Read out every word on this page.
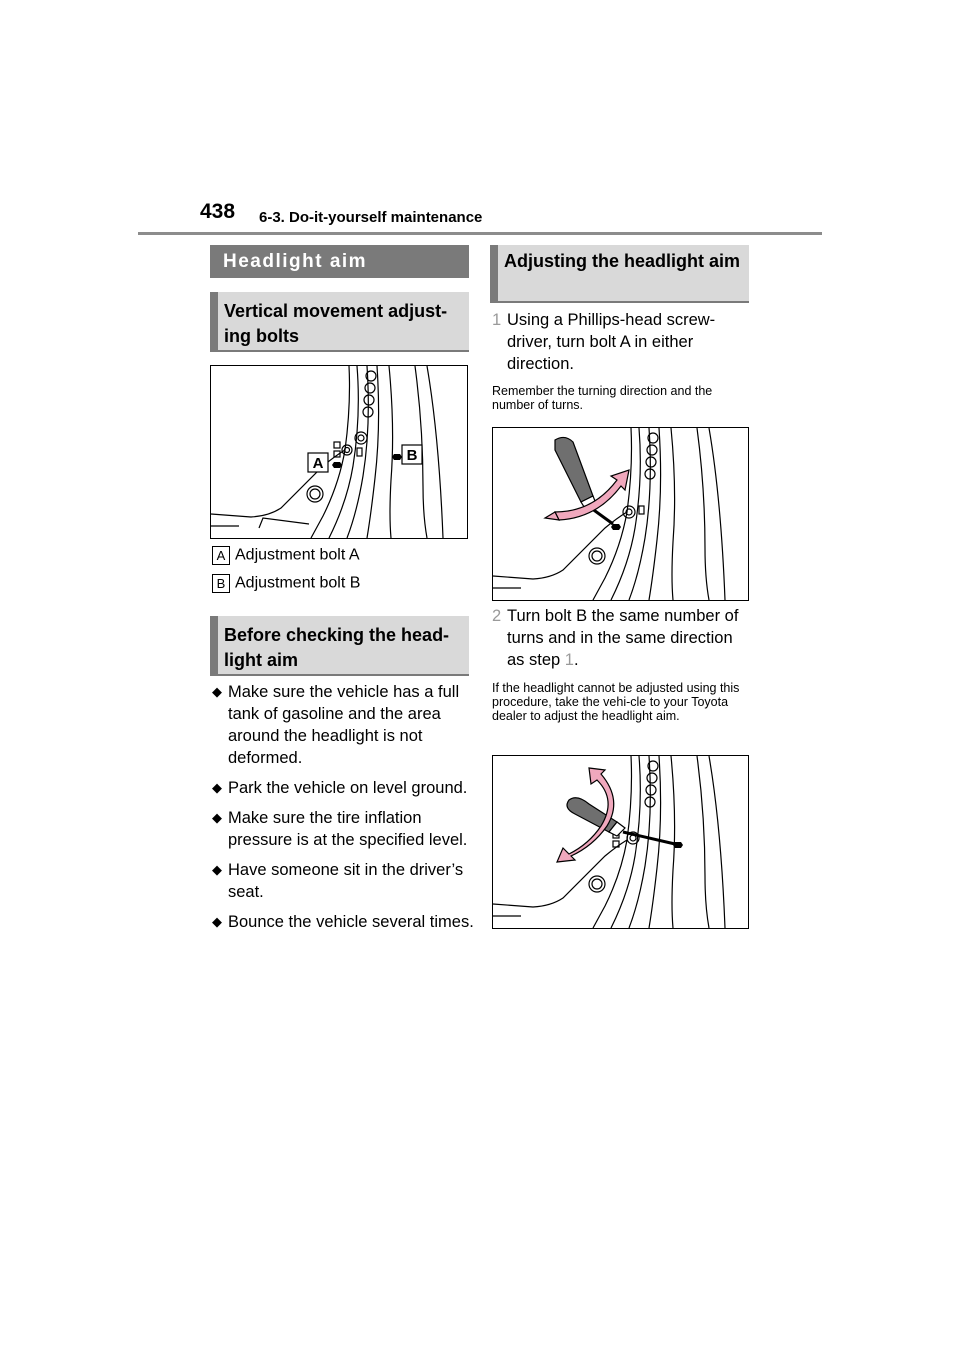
438 6-3. Do-it-yourself maintenance
Headlight aim
Vertical movement adjust-ing bolts
A	B
A Adjustment bolt A
B Adjustment bolt B
Before checking the head-light aim
◆ Make sure the vehicle has a full tank of gasoline and the area around the headlight is not deformed.
◆ Park the vehicle on level ground.
◆ Make sure the tire inflation pressure is at the specified level.
◆ Have someone sit in the driver’s seat.
◆ Bounce the vehicle several times.
Adjusting the headlight aim
1 Using a Phillips-head screw-driver, turn bolt A in either direction.
Remember the turning direction and the number of turns.
2 Turn bolt B the same number of turns and in the same direction as step 1.
If the headlight cannot be adjusted using this procedure, take the vehi-cle to your Toyota dealer to adjust the headlight aim.
